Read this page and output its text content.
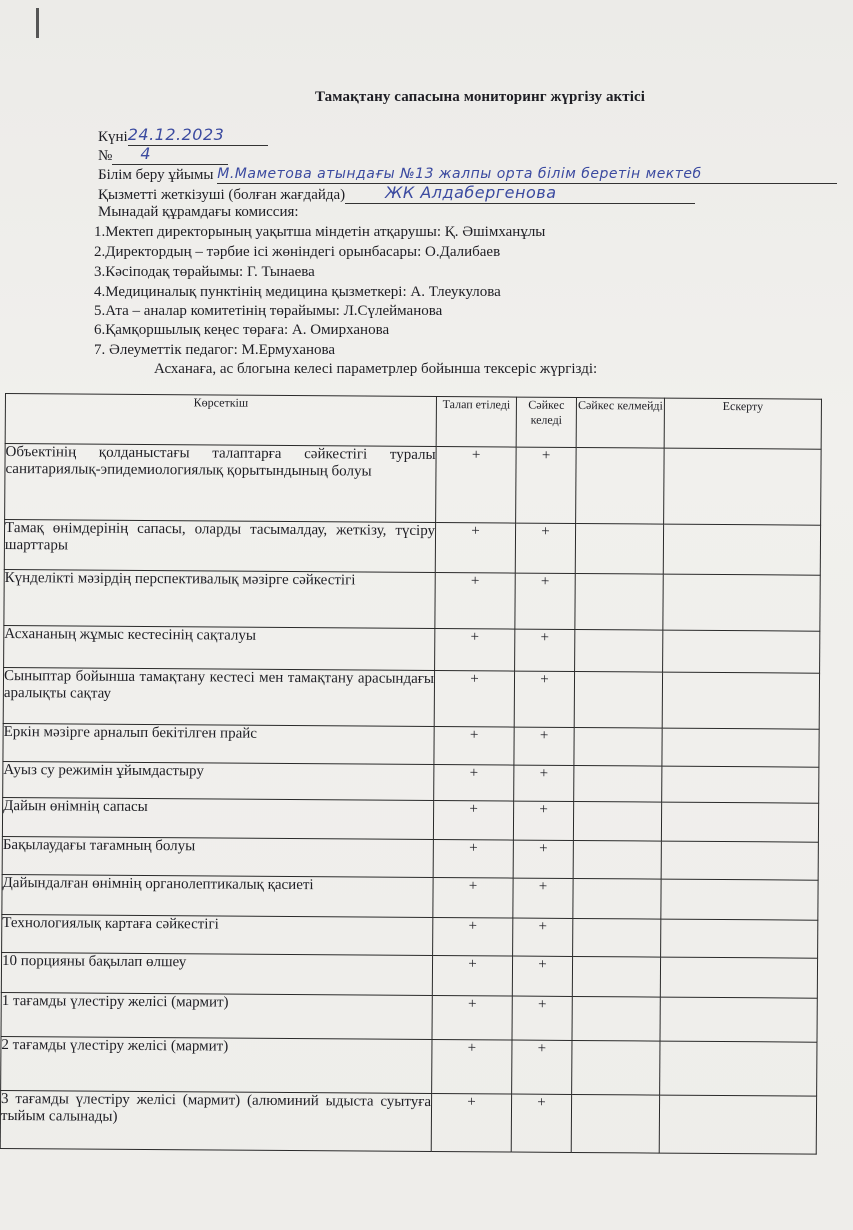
Тамақтану сапасына мониторинг жүргізу актісі
Күні24.12.2023
№ 4
Білім беру ұйымы М.Маметова атындағы №13 жалпы орта білім беретін мектеб
Қызметті жеткізуші (болған жағдайда)	ЖК Алдабергенова
Мынадай құрамдағы комиссия:
1.Мектеп директорының уақытша міндетін атқарушы: Қ. Әшімханұлы
2.Директордың – тәрбие ісі жөніндегі орынбасары: О.Далибаев
3.Кәсіподақ төрайымы: Г. Тынаева
4.Медициналық пунктінің медицина қызметкері: А. Тлеукулова
5.Ата – аналар комитетінің төрайымы: Л.Сүлейманова
6.Қамқоршылық кеңес төраға: А. Омирханова
7. Әлеуметтік педагог: М.Ермуханова
Асханаға, ас блогына келесі параметрлер бойынша тексеріс жүргізді:
Көрсеткіш	Талап етіледі	Сәйкес келеді	Сәйкес келмейді	Ескерту
Объектінің қолданыстағы талаптарға сәйкестігі туралы санитариялық-эпидемиологиялық қорытындының болуы	+	+		
Тамақ өнімдерінің сапасы, оларды тасымалдау, жеткізу, түсіру шарттары	+	+		
Күнделікті мәзірдің перспективалық мәзірге сәйкестігі	+	+		
Асхананың жұмыс кестесінің сақталуы	+	+		
Сыныптар бойынша тамақтану кестесі мен тамақтану арасындағы аралықты сақтау	+	+		
Еркін мәзірге арналып бекітілген прайс	+	+		
Ауыз су режимін ұйымдастыру	+	+		
Дайын өнімнің сапасы	+	+		
Бақылаудағы тағамның болуы	+	+		
Дайындалған өнімнің органолептикалық қасиеті	+	+		
Технологиялық картаға сәйкестігі	+	+		
10 порцияны бақылап өлшеу	+	+		
1 тағамды үлестіру желісі (мармит)	+	+		
2 тағамды үлестіру желісі (мармит)	+	+		
3 тағамды үлестіру желісі (мармит) (алюминий ыдыста суытуға тыйым салынады)	+	+		
